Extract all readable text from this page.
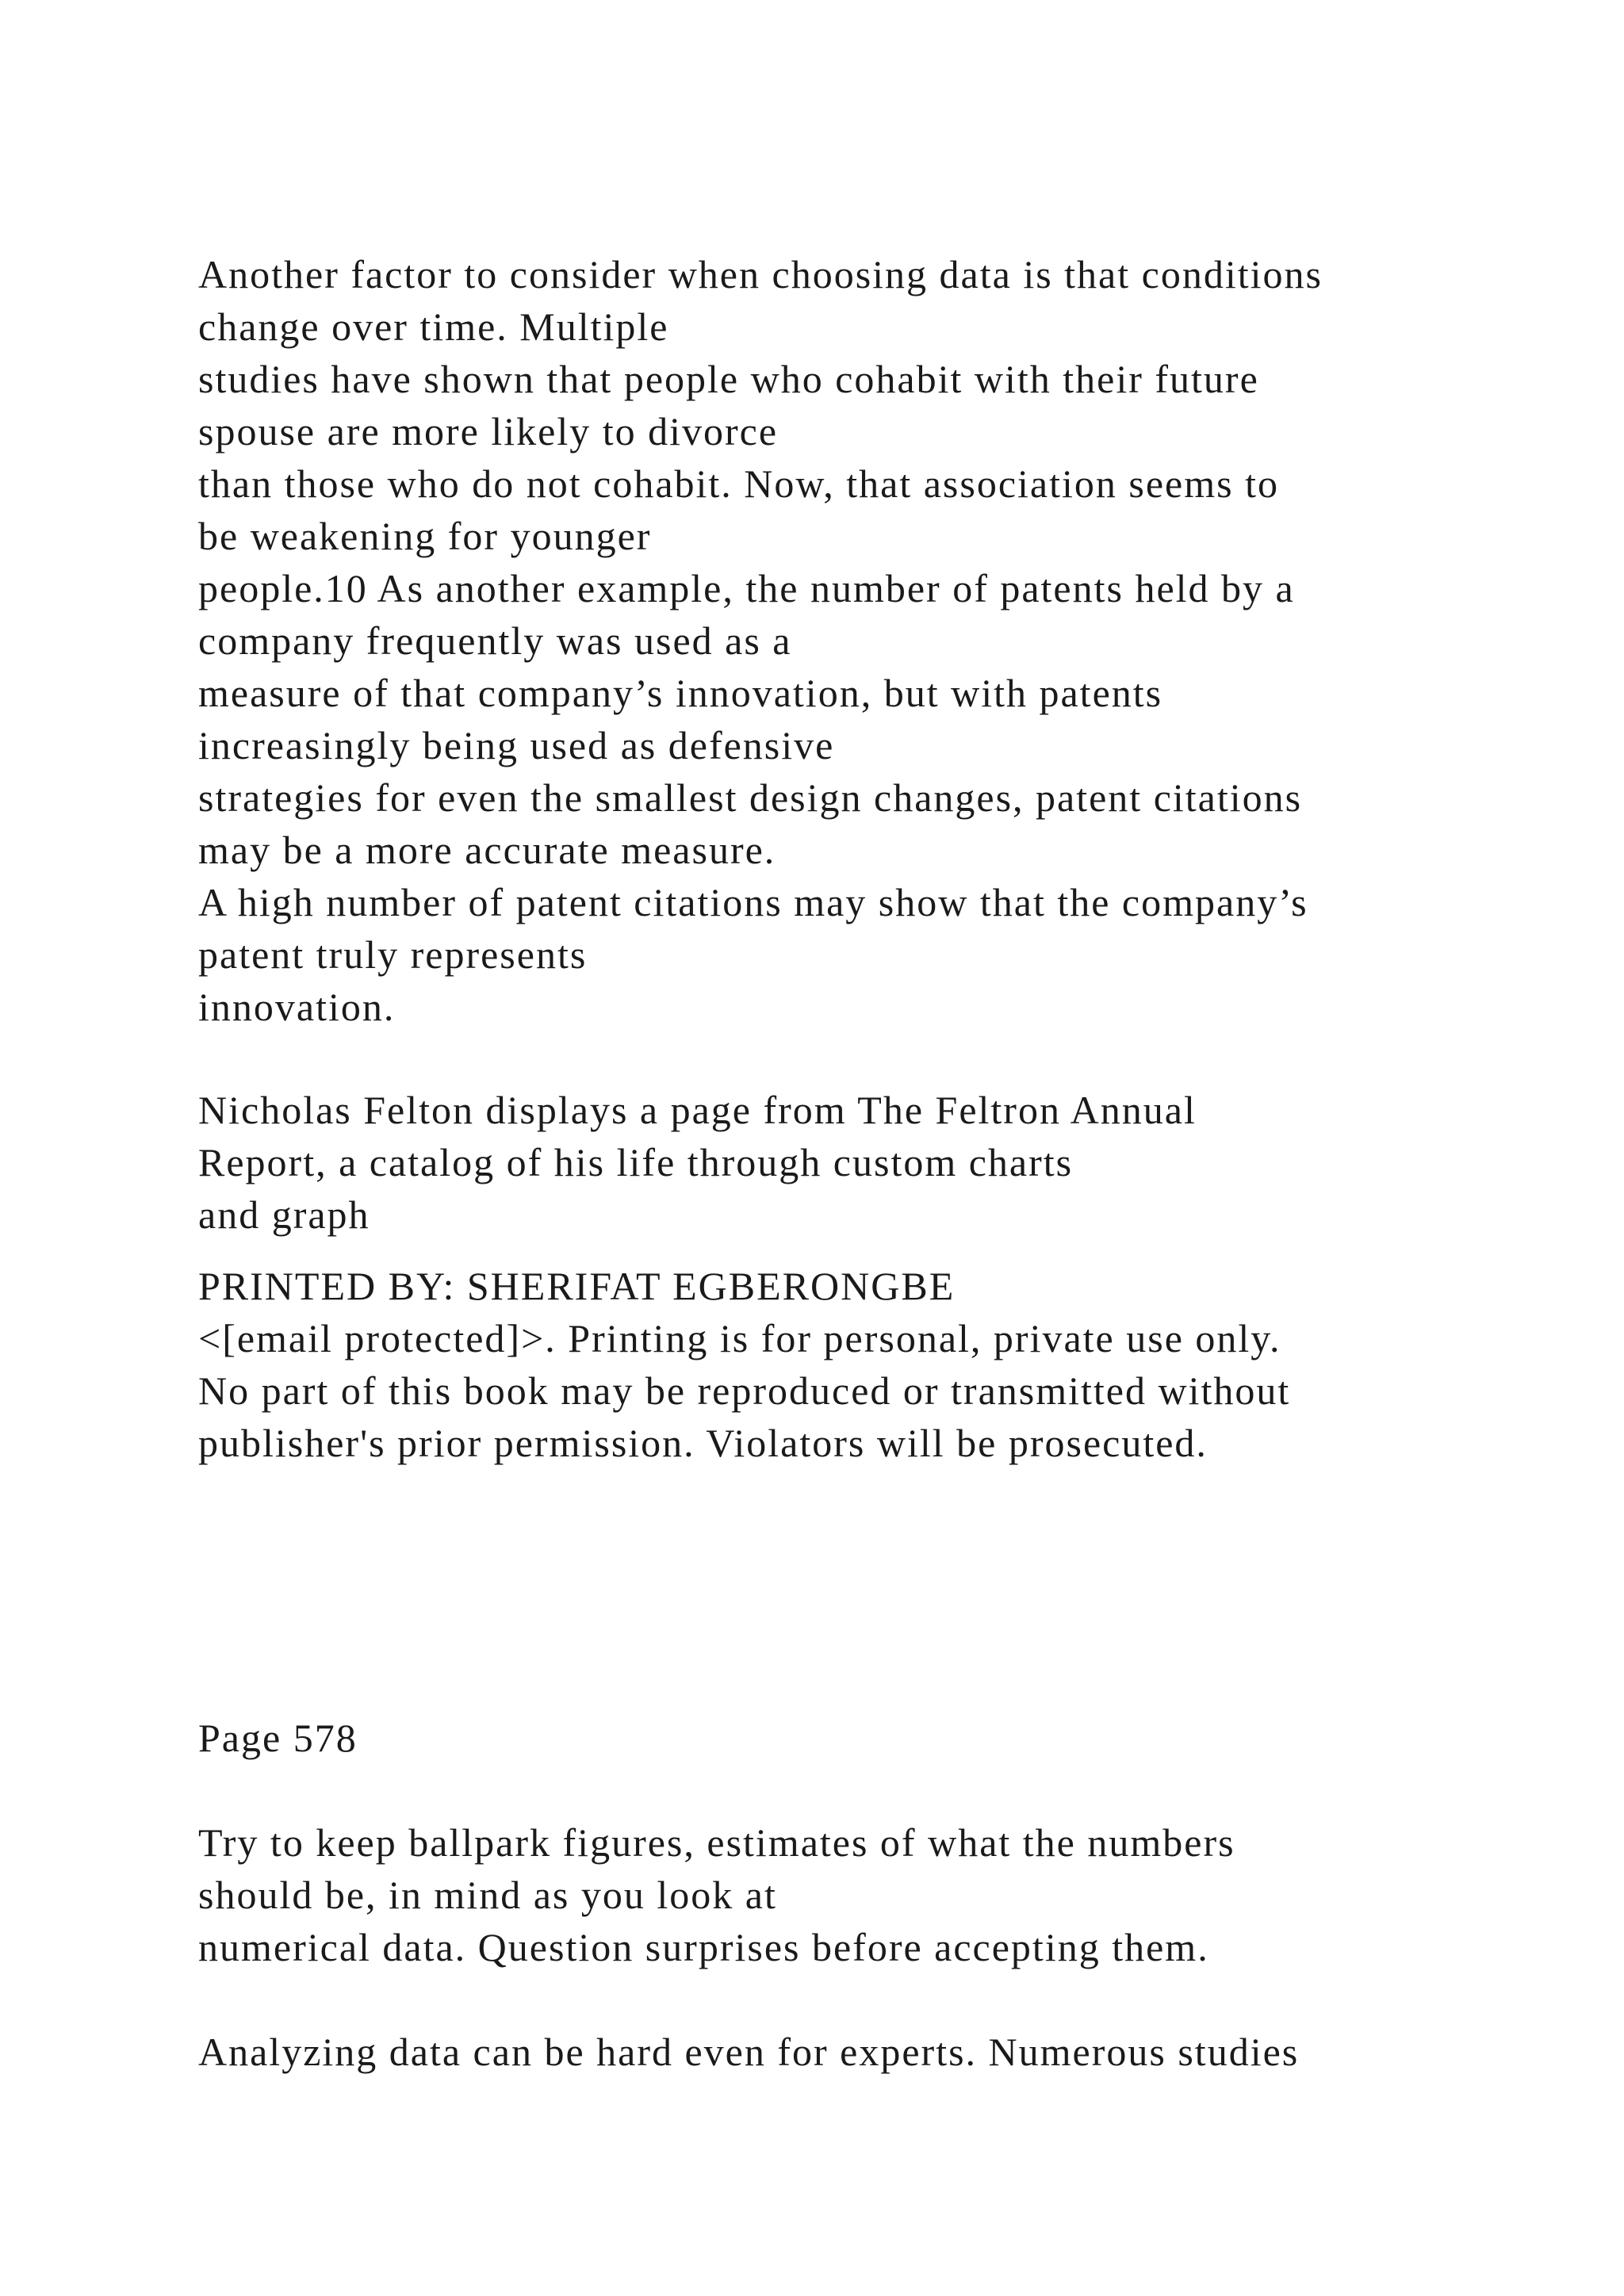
Another factor to consider when choosing data is that conditions
change over time. Multiple
studies have shown that people who cohabit with their future
spouse are more likely to divorce
than those who do not cohabit. Now, that association seems to
be weakening for younger
people.10 As another example, the number of patents held by a
company frequently was used as a
measure of that company’s innovation, but with patents
increasingly being used as defensive
strategies for even the smallest design changes, patent citations
may be a more accurate measure.
A high number of patent citations may show that the company’s
patent truly represents
innovation.

Nicholas Felton displays a page from The Feltron Annual
Report, a catalog of his life through custom charts
and graph

PRINTED BY: SHERIFAT EGBERONGBE
<[email protected]>. Printing is for personal, private use only.
No part of this book may be reproduced or transmitted without
publisher's prior permission. Violators will be prosecuted.

Page 578

Try to keep ballpark figures, estimates of what the numbers
should be, in mind as you look at
numerical data. Question surprises before accepting them.

Analyzing data can be hard even for experts. Numerous studies
